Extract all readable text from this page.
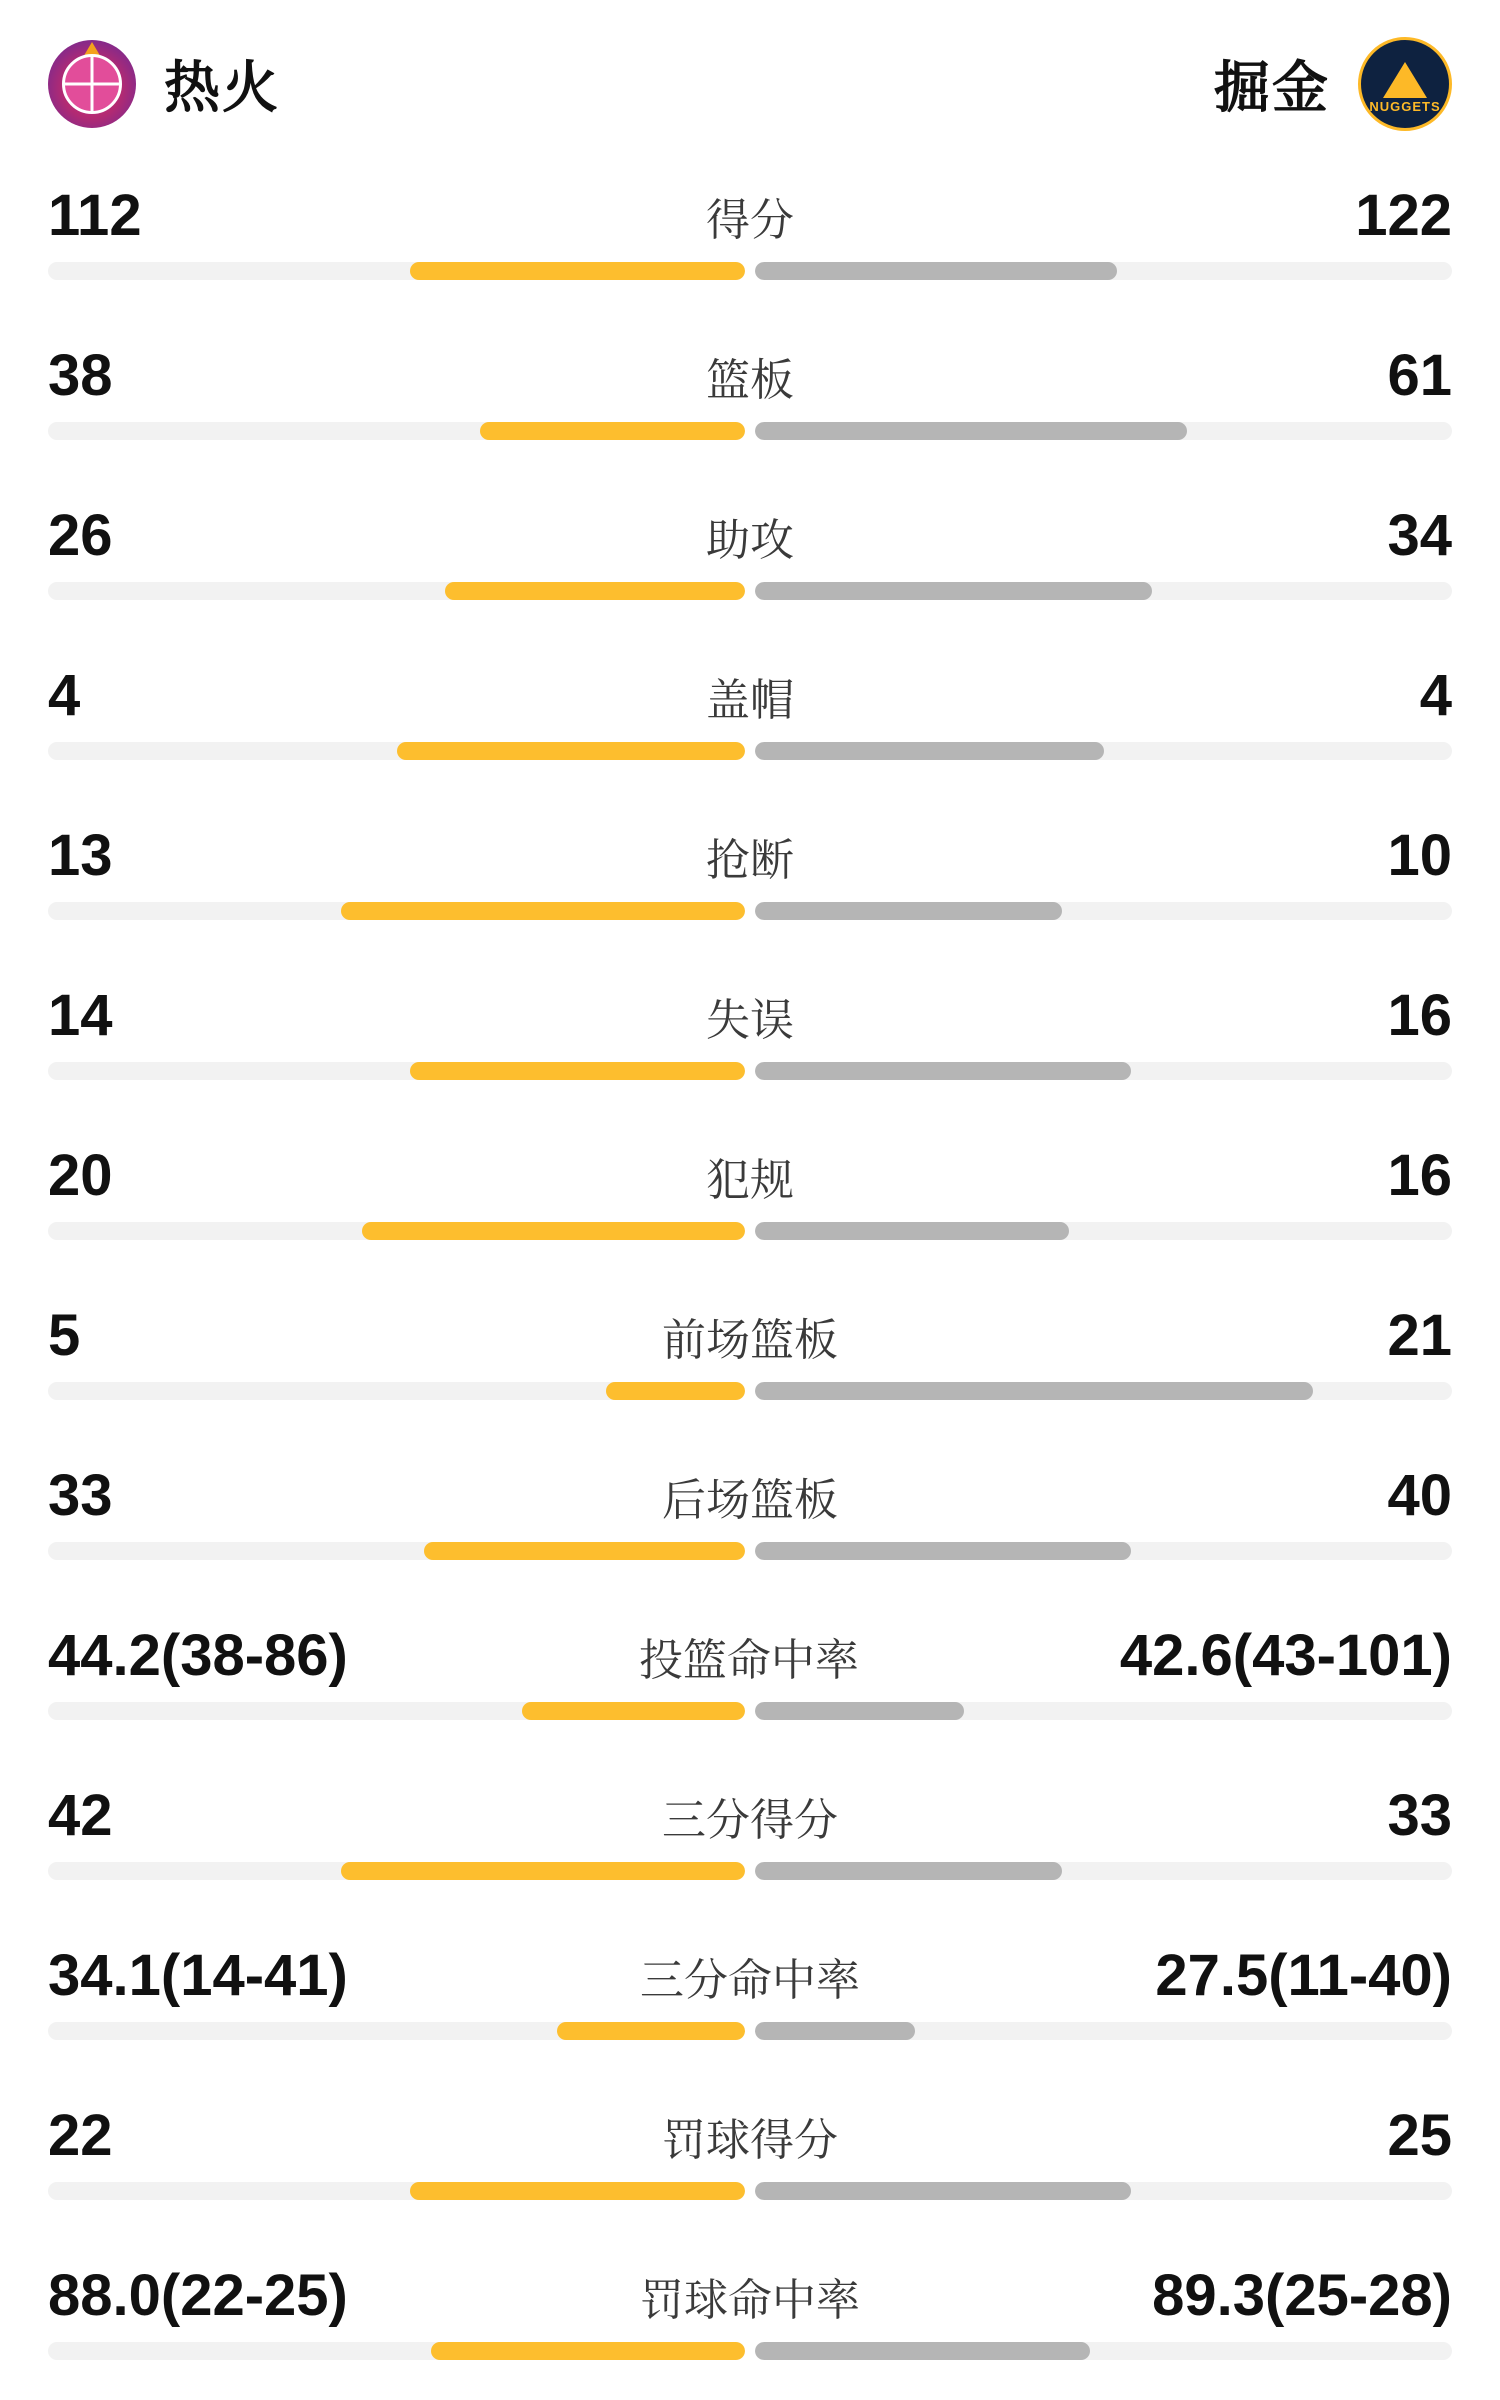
热火	掘金	NUGGETS
112	得分	122
38	篮板	61
26	助攻	34
4	盖帽	4
13	抢断	10
14	失误	16
20	犯规	16
5	前场篮板	21
33	后场篮板	40
44.2(38-86)	投篮命中率	42.6(43-101)
42	三分得分	33
34.1(14-41)	三分命中率	27.5(11-40)
22	罚球得分	25
88.0(22-25)	罚球命中率	89.3(25-28)
